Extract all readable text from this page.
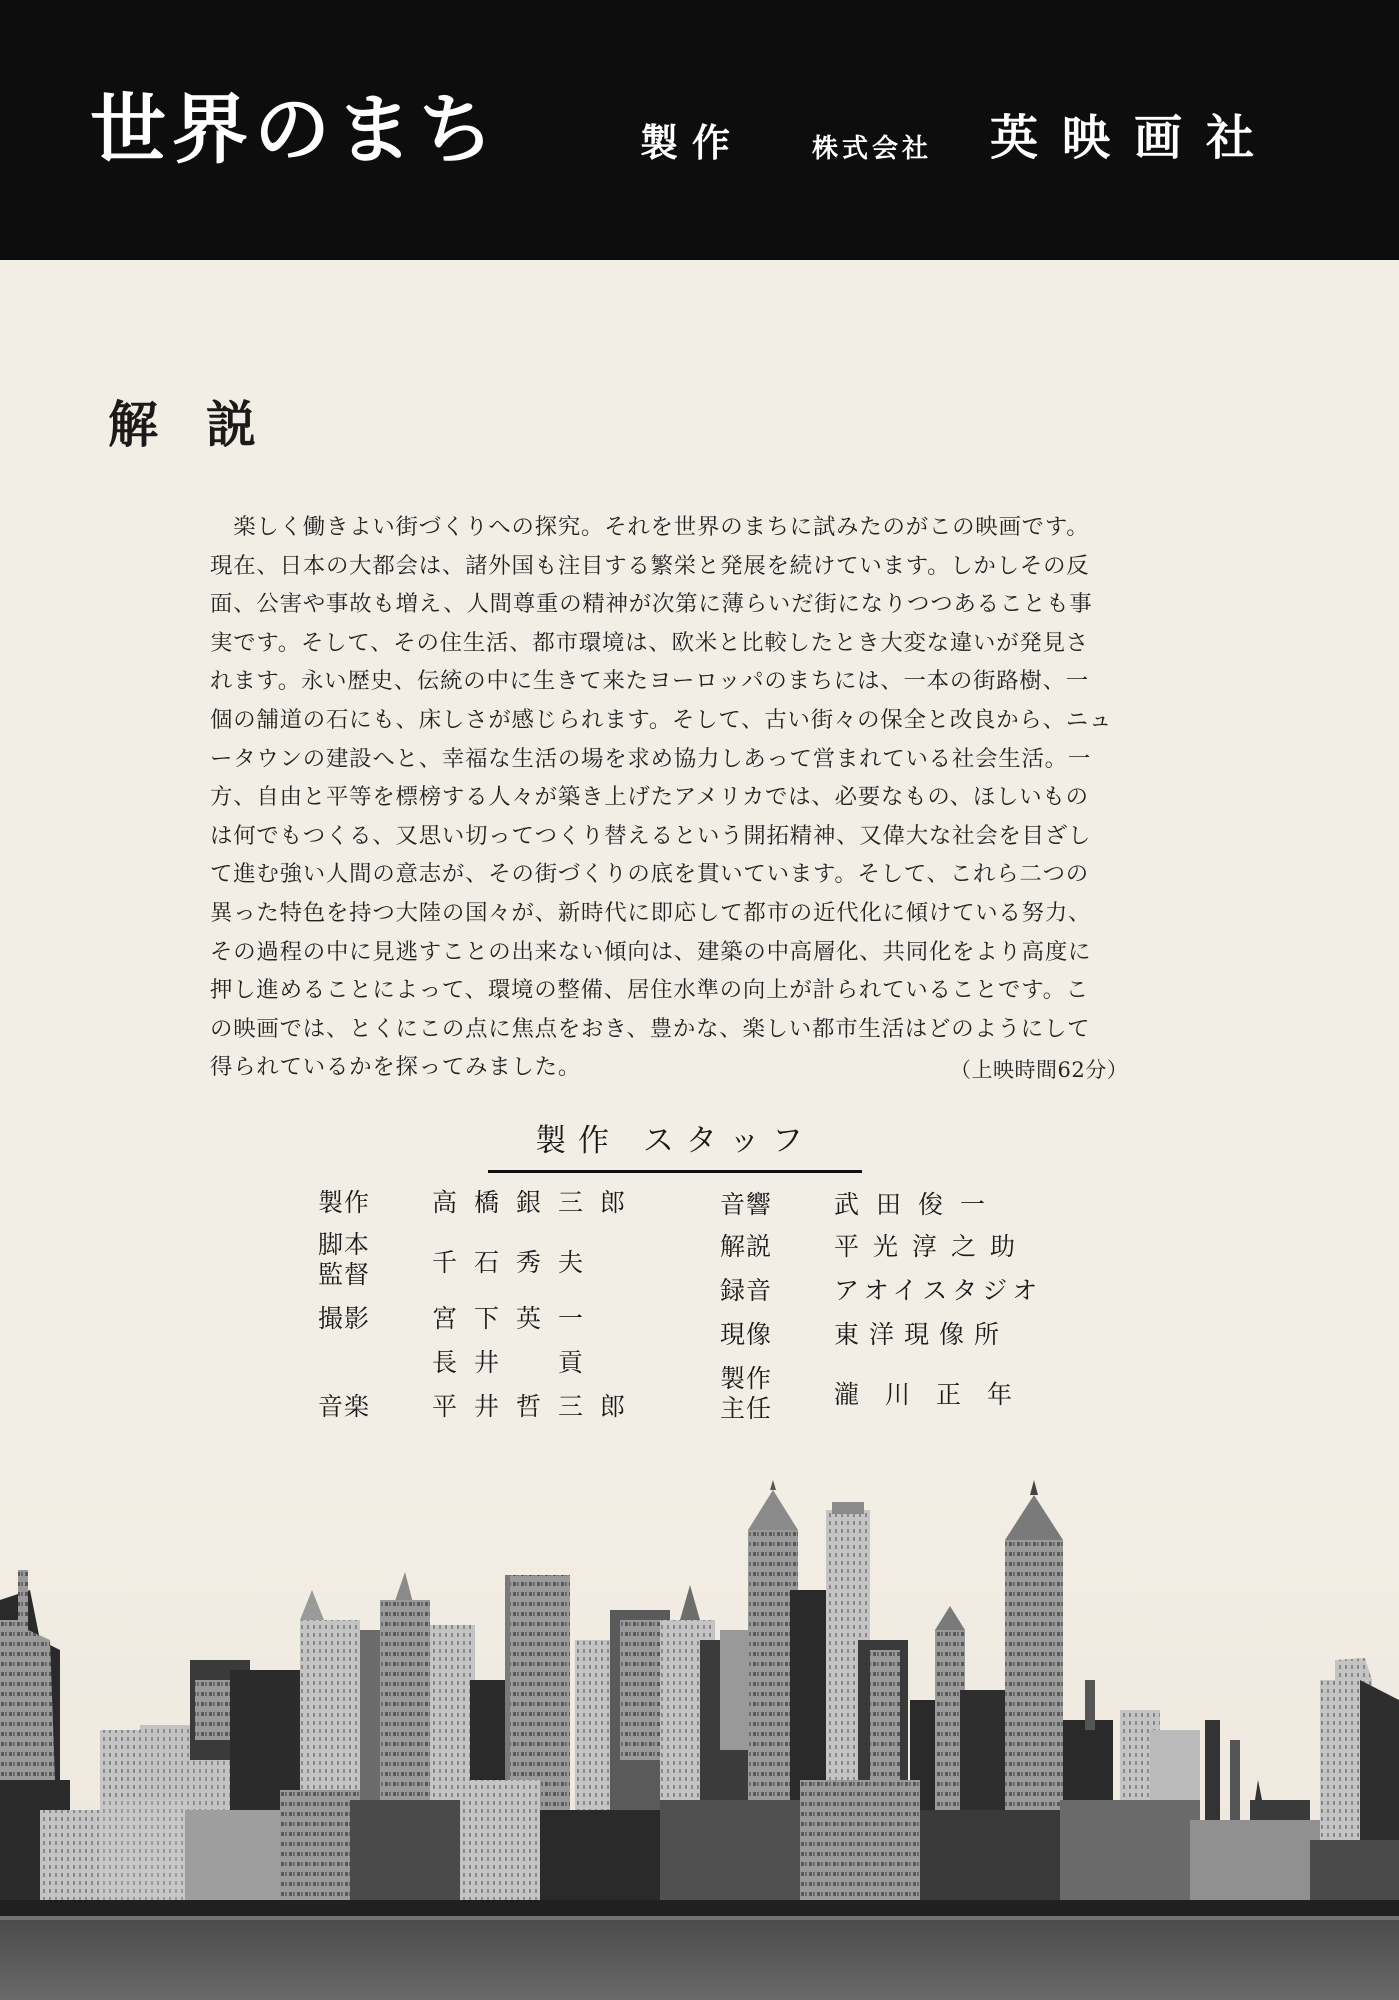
世界のまち	製作	株式会社 英映画社
解説
　楽しく働きよい街づくりへの探究。それを世界のまちに試みたのがこの映画です。
現在、日本の大都会は、諸外国も注目する繁栄と発展を続けています。しかしその反
面、公害や事故も増え、人間尊重の精神が次第に薄らいだ街になりつつあることも事
実です。そして、その住生活、都市環境は、欧米と比較したとき大変な違いが発見さ
れます。永い歴史、伝統の中に生きて来たヨーロッパのまちには、一本の街路樹、一
個の舗道の石にも、床しさが感じられます。そして、古い街々の保全と改良から、ニュ
ータウンの建設へと、幸福な生活の場を求め協力しあって営まれている社会生活。一
方、自由と平等を標榜する人々が築き上げたアメリカでは、必要なもの、ほしいもの
は何でもつくる、又思い切ってつくり替えるという開拓精神、又偉大な社会を目ざし
て進む強い人間の意志が、その街づくりの底を貫いています。そして、これら二つの
異った特色を持つ大陸の国々が、新時代に即応して都市の近代化に傾けている努力、
その過程の中に見逃すことの出来ない傾向は、建築の中高層化、共同化をより高度に
押し進めることによって、環境の整備、居住水準の向上が計られていることです。こ
の映画では、とくにこの点に焦点をおき、豊かな、楽しい都市生活はどのようにして
得られているかを探ってみました。	（上映時間62分）
製作 スタッフ
製作 高橋銀三郎
脚本
監督 千石秀夫
撮影 宮下英一
長井　貢
音楽 平井哲三郎
音響 武田俊一
解説 平光淳之助
録音 アオイスタジオ
現像 東洋現像所
製作
主任 瀧川正年
